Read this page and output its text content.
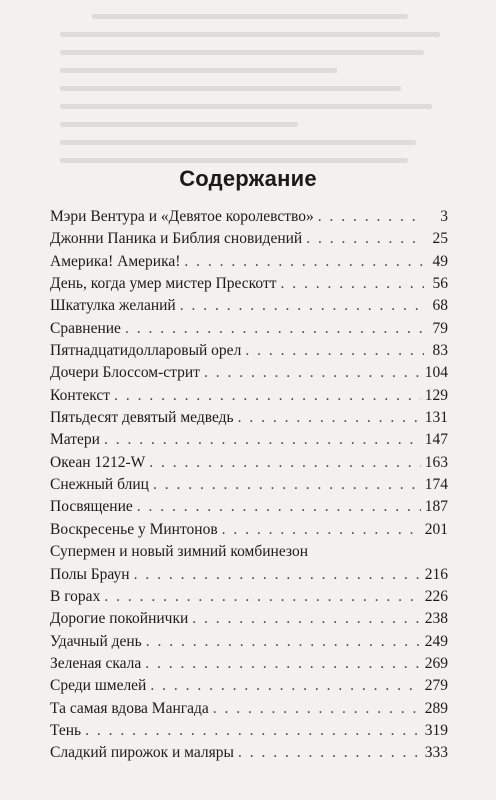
Содержание
Мэри Вентура и «Девятое королевство» . . .	3
Джонни Паника и Библия сновидений . . .	25
Америка! Америка! . . .	49
День, когда умер мистер Прескотт . . .	56
Шкатулка желаний . . .	68
Сравнение . . .	79
Пятнадцатидолларовый орел . . .	83
Дочери Блоссом-стрит . . .	104
Контекст . . .	129
Пятьдесят девятый медведь . . .	131
Матери . . .	147
Океан 1212-W . . .	163
Снежный блиц . . .	174
Посвящение . . .	187
Воскресенье у Минтонов . . .	201
Супермен и новый зимний комбинезон
Полы Браун . . .	216
В горах . . .	226
Дорогие покойнички . . .	238
Удачный день . . .	249
Зеленая скала . . .	269
Среди шмелей . . .	279
Та самая вдова Мангада . . .	289
Тень . . .	319
Сладкий пирожок и маляры . . .	333
